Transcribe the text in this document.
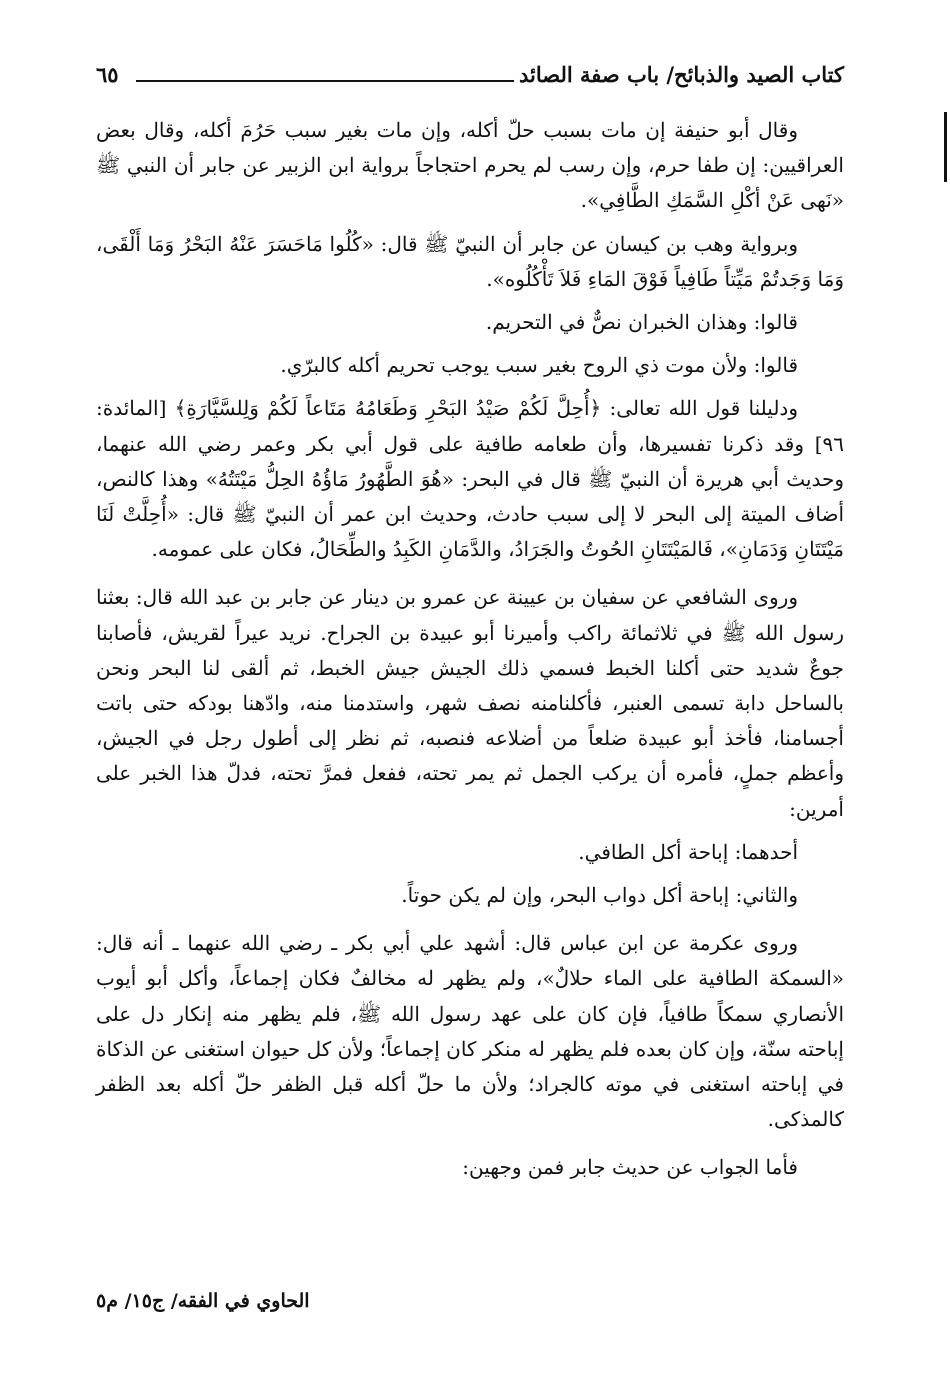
كتاب الصيد والذبائح/ باب صفة الصائد
٦٥

وقال أبو حنيفة إن مات بسبب حلّ أكله، وإن مات بغير سبب حَرُمَ أكله، وقال بعض العراقيين: إن طفا حرم، وإن رسب لم يحرم احتجاجاً برواية ابن الزبير عن جابر أن النبي ﷺ «نَهى عَنْ أكْلِ السَّمَكِ الطَّافِي».

وبرواية وهب بن كيسان عن جابر أن النبيّ ﷺ قال: «كُلُوا مَاحَسَرَ عَنْهُ البَحْرُ وَمَا أَلْقَى، وَمَا وَجَدتُمْ مَيِّتاً طَافِياً فَوْقَ المَاءِ فَلاَ تَأْكُلُوه».

قالوا: وهذان الخبران نصٌّ في التحريم.

قالوا: ولأن موت ذي الروح بغير سبب يوجب تحريم أكله كالبرّي.

ودليلنا قول الله تعالى: ﴿أُحِلَّ لَكُمْ صَيْدُ البَحْرِ وَطَعَامُهُ مَتَاعاً لَكُمْ وَلِلسَّيَّارَةِ﴾ [المائدة: ٩٦] وقد ذكرنا تفسيرها، وأن طعامه طافية على قول أبي بكر وعمر رضي الله عنهما، وحديث أبي هريرة أن النبيّ ﷺ قال في البحر: «هُوَ الطَّهُورُ مَاؤُهُ الحِلُّ مَيْتَتُهُ» وهذا كالنص، أضاف الميتة إلى البحر لا إلى سبب حادث، وحديث ابن عمر أن النبيّ ﷺ قال: «أُحِلَّتْ لَنَا مَيْتَتَانِ وَدَمَانِ»، فَالمَيْتَتَانِ الحُوتُ والجَرَادُ، والدَّمَانِ الكَبِدُ والطِّحَالُ، فكان على عمومه.

وروى الشافعي عن سفيان بن عيينة عن عمرو بن دينار عن جابر بن عبد الله قال: بعثنا رسول الله ﷺ في ثلاثمائة راكب وأميرنا أبو عبيدة بن الجراح. نريد عيراً لقريش، فأصابنا جوعٌ شديد حتى أكلنا الخبط فسمي ذلك الجيش جيش الخبط، ثم ألقى لنا البحر ونحن بالساحل دابة تسمى العنبر، فأكلنامنه نصف شهر، واستدمنا منه، وادّهنا بودكه حتى باتت أجسامنا، فأخذ أبو عبيدة ضلعاً من أضلاعه فنصبه، ثم نظر إلى أطول رجل في الجيش، وأعظم جملٍ، فأمره أن يركب الجمل ثم يمر تحته، ففعل فمرَّ تحته، فدلّ هذا الخبر على أمرين:

أحدهما: إباحة أكل الطافي.

والثاني: إباحة أكل دواب البحر، وإن لم يكن حوتاً.

وروى عكرمة عن ابن عباس قال: أشهد علي أبي بكر ـ رضي الله عنهما ـ أنه قال: «السمكة الطافية على الماء حلالٌ»، ولم يظهر له مخالفٌ فكان إجماعاً، وأكل أبو أيوب الأنصاري سمكاً طافياً، فإن كان على عهد رسول الله ﷺ، فلم يظهر منه إنكار دل على إباحته سنّة، وإن كان بعده فلم يظهر له منكر كان إجماعاً؛ ولأن كل حيوان استغنى عن الذكاة في إباحته استغنى في موته كالجراد؛ ولأن ما حلّ أكله قبل الظفر حلّ أكله بعد الظفر كالمذكى.

فأما الجواب عن حديث جابر فمن وجهين:

الحاوي في الفقه/ ج١٥/ م٥
